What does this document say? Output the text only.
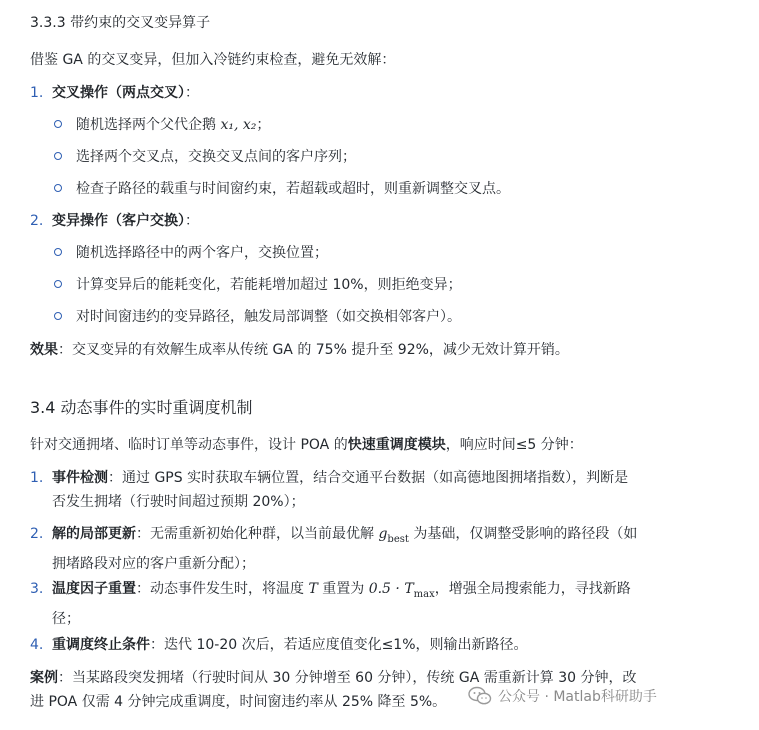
3.3.3 带约束的交叉变异算子
借鉴 GA 的交叉变异，但加入冷链约束检查，避免无效解：
1. 交叉操作（两点交叉）：
随机选择两个父代企鹅 x₁, x₂；
选择两个交叉点，交换交叉点间的客户序列；
检查子路径的载重与时间窗约束，若超载或超时，则重新调整交叉点。
2. 变异操作（客户交换）：
随机选择路径中的两个客户，交换位置；
计算变异后的能耗变化，若能耗增加超过 10%，则拒绝变异；
对时间窗违约的变异路径，触发局部调整（如交换相邻客户）。
效果：交叉变异的有效解生成率从传统 GA 的 75% 提升至 92%，减少无效计算开销。
3.4 动态事件的实时重调度机制
针对交通拥堵、临时订单等动态事件，设计 POA 的快速重调度模块，响应时间≤5 分钟：
1. 事件检测：通过 GPS 实时获取车辆位置，结合交通平台数据（如高德地图拥堵指数），判断是
否发生拥堵（行驶时间超过预期 20%）；
2. 解的局部更新：无需重新初始化种群，以当前最优解 $g_{best}$ 为基础，仅调整受影响的路径段（如
拥堵路段对应的客户重新分配）；
3. 温度因子重置：动态事件发生时，将温度 T 重置为 $0.5 \cdot T_{max}$，增强全局搜索能力，寻找新路
径；
4. 重调度终止条件：迭代 10-20 次后，若适应度值变化≤1%，则输出新路径。
案例：当某路段突发拥堵（行驶时间从 30 分钟增至 60 分钟），传统 GA 需重新计算 30 分钟，改
进 POA 仅需 4 分钟完成重调度，时间窗违约率从 25% 降至 5%。	公众号 · Matlab科研助手
